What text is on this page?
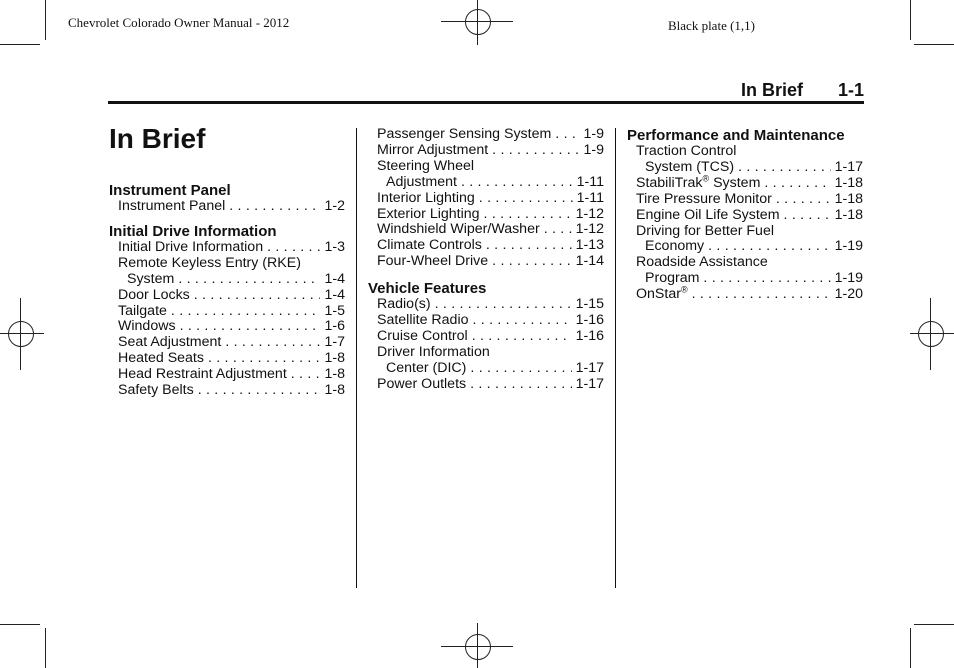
Chevrolet Colorado Owner Manual - 2012	Black plate (1,1)
In Brief 1-1
In Brief
Instrument Panel
Instrument Panel . . .	1-2
Initial Drive Information
Initial Drive Information . . .	1-3
Remote Keyless Entry (RKE)
System . . .	1-4
Door Locks . . .	1-4
Tailgate . . .	1-5
Windows . . .	1-6
Seat Adjustment . . .	1-7
Heated Seats . . .	1-8
Head Restraint Adjustment . . .	1-8
Safety Belts . . .	1-8
Passenger Sensing System . . . 1-9
Mirror Adjustment . . .	1-9
Steering Wheel
Adjustment . . .	1-11
Interior Lighting . . .	1-11
Exterior Lighting . . .	1-12
Windshield Wiper/Washer . . .	1-12
Climate Controls . . .	1-13
Four-Wheel Drive . . .	1-14
Vehicle Features
Radio(s) . . .	1-15
Satellite Radio . . .	1-16
Cruise Control . . .	1-16
Driver Information
Center (DIC) . . .	1-17
Power Outlets . . .	1-17
Performance and Maintenance
Traction Control
System (TCS) . . .	1-17
StabiliTrak® System . . .	1-18
Tire Pressure Monitor . . .	1-18
Engine Oil Life System . . .	1-18
Driving for Better Fuel
Economy . . .	1-19
Roadside Assistance
Program . . .	1-19
OnStar® . . .	1-20
